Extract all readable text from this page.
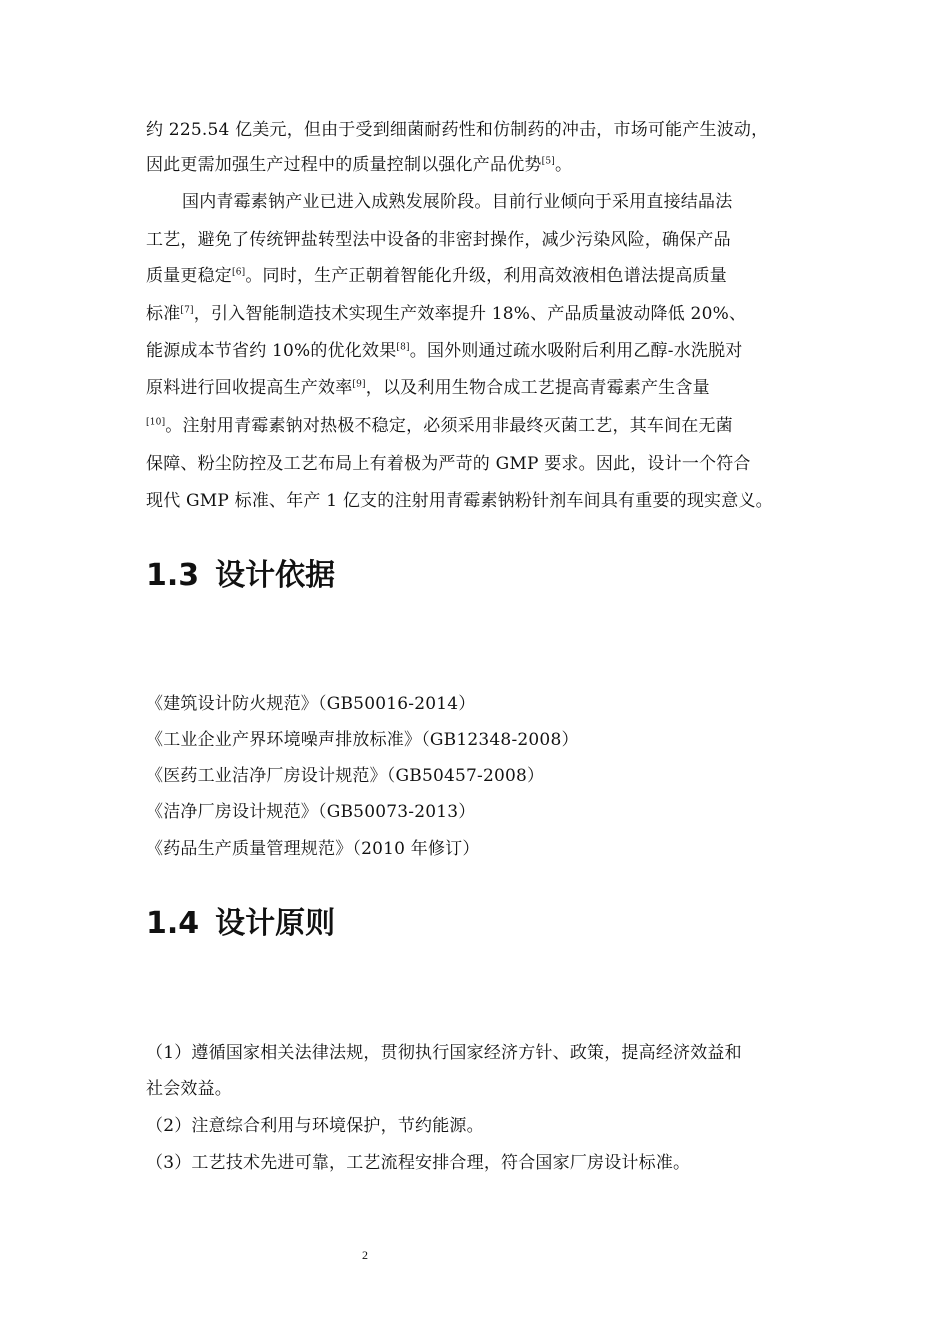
约 225.54 亿美元，但由于受到细菌耐药性和仿制药的冲击，市场可能产生波动，
因此更需加强生产过程中的质量控制以强化产品优势[5]。
国内青霉素钠产业已进入成熟发展阶段。目前行业倾向于采用直接结晶法
工艺，避免了传统钾盐转型法中设备的非密封操作，减少污染风险，确保产品
质量更稳定[6]。同时，生产正朝着智能化升级，利用高效液相色谱法提高质量
标准[7]，引入智能制造技术实现生产效率提升 18%、产品质量波动降低 20%、
能源成本节省约 10%的优化效果[8]。国外则通过疏水吸附后利用乙醇-水洗脱对
原料进行回收提高生产效率[9]，以及利用生物合成工艺提高青霉素产生含量
[10]。注射用青霉素钠对热极不稳定，必须采用非最终灭菌工艺，其车间在无菌
保障、粉尘防控及工艺布局上有着极为严苛的 GMP 要求。因此，设计一个符合
现代 GMP 标准、年产 1 亿支的注射用青霉素钠粉针剂车间具有重要的现实意义。
1.3 设计依据
《建筑设计防火规范》（GB50016-2014）
《工业企业产界环境噪声排放标准》（GB12348-2008）
《医药工业洁净厂房设计规范》（GB50457-2008）
《洁净厂房设计规范》（GB50073-2013）
《药品生产质量管理规范》（2010 年修订）
1.4 设计原则
（1）遵循国家相关法律法规，贯彻执行国家经济方针、政策，提高经济效益和
社会效益。
（2）注意综合利用与环境保护，节约能源。
（3）工艺技术先进可靠，工艺流程安排合理，符合国家厂房设计标准。
2
